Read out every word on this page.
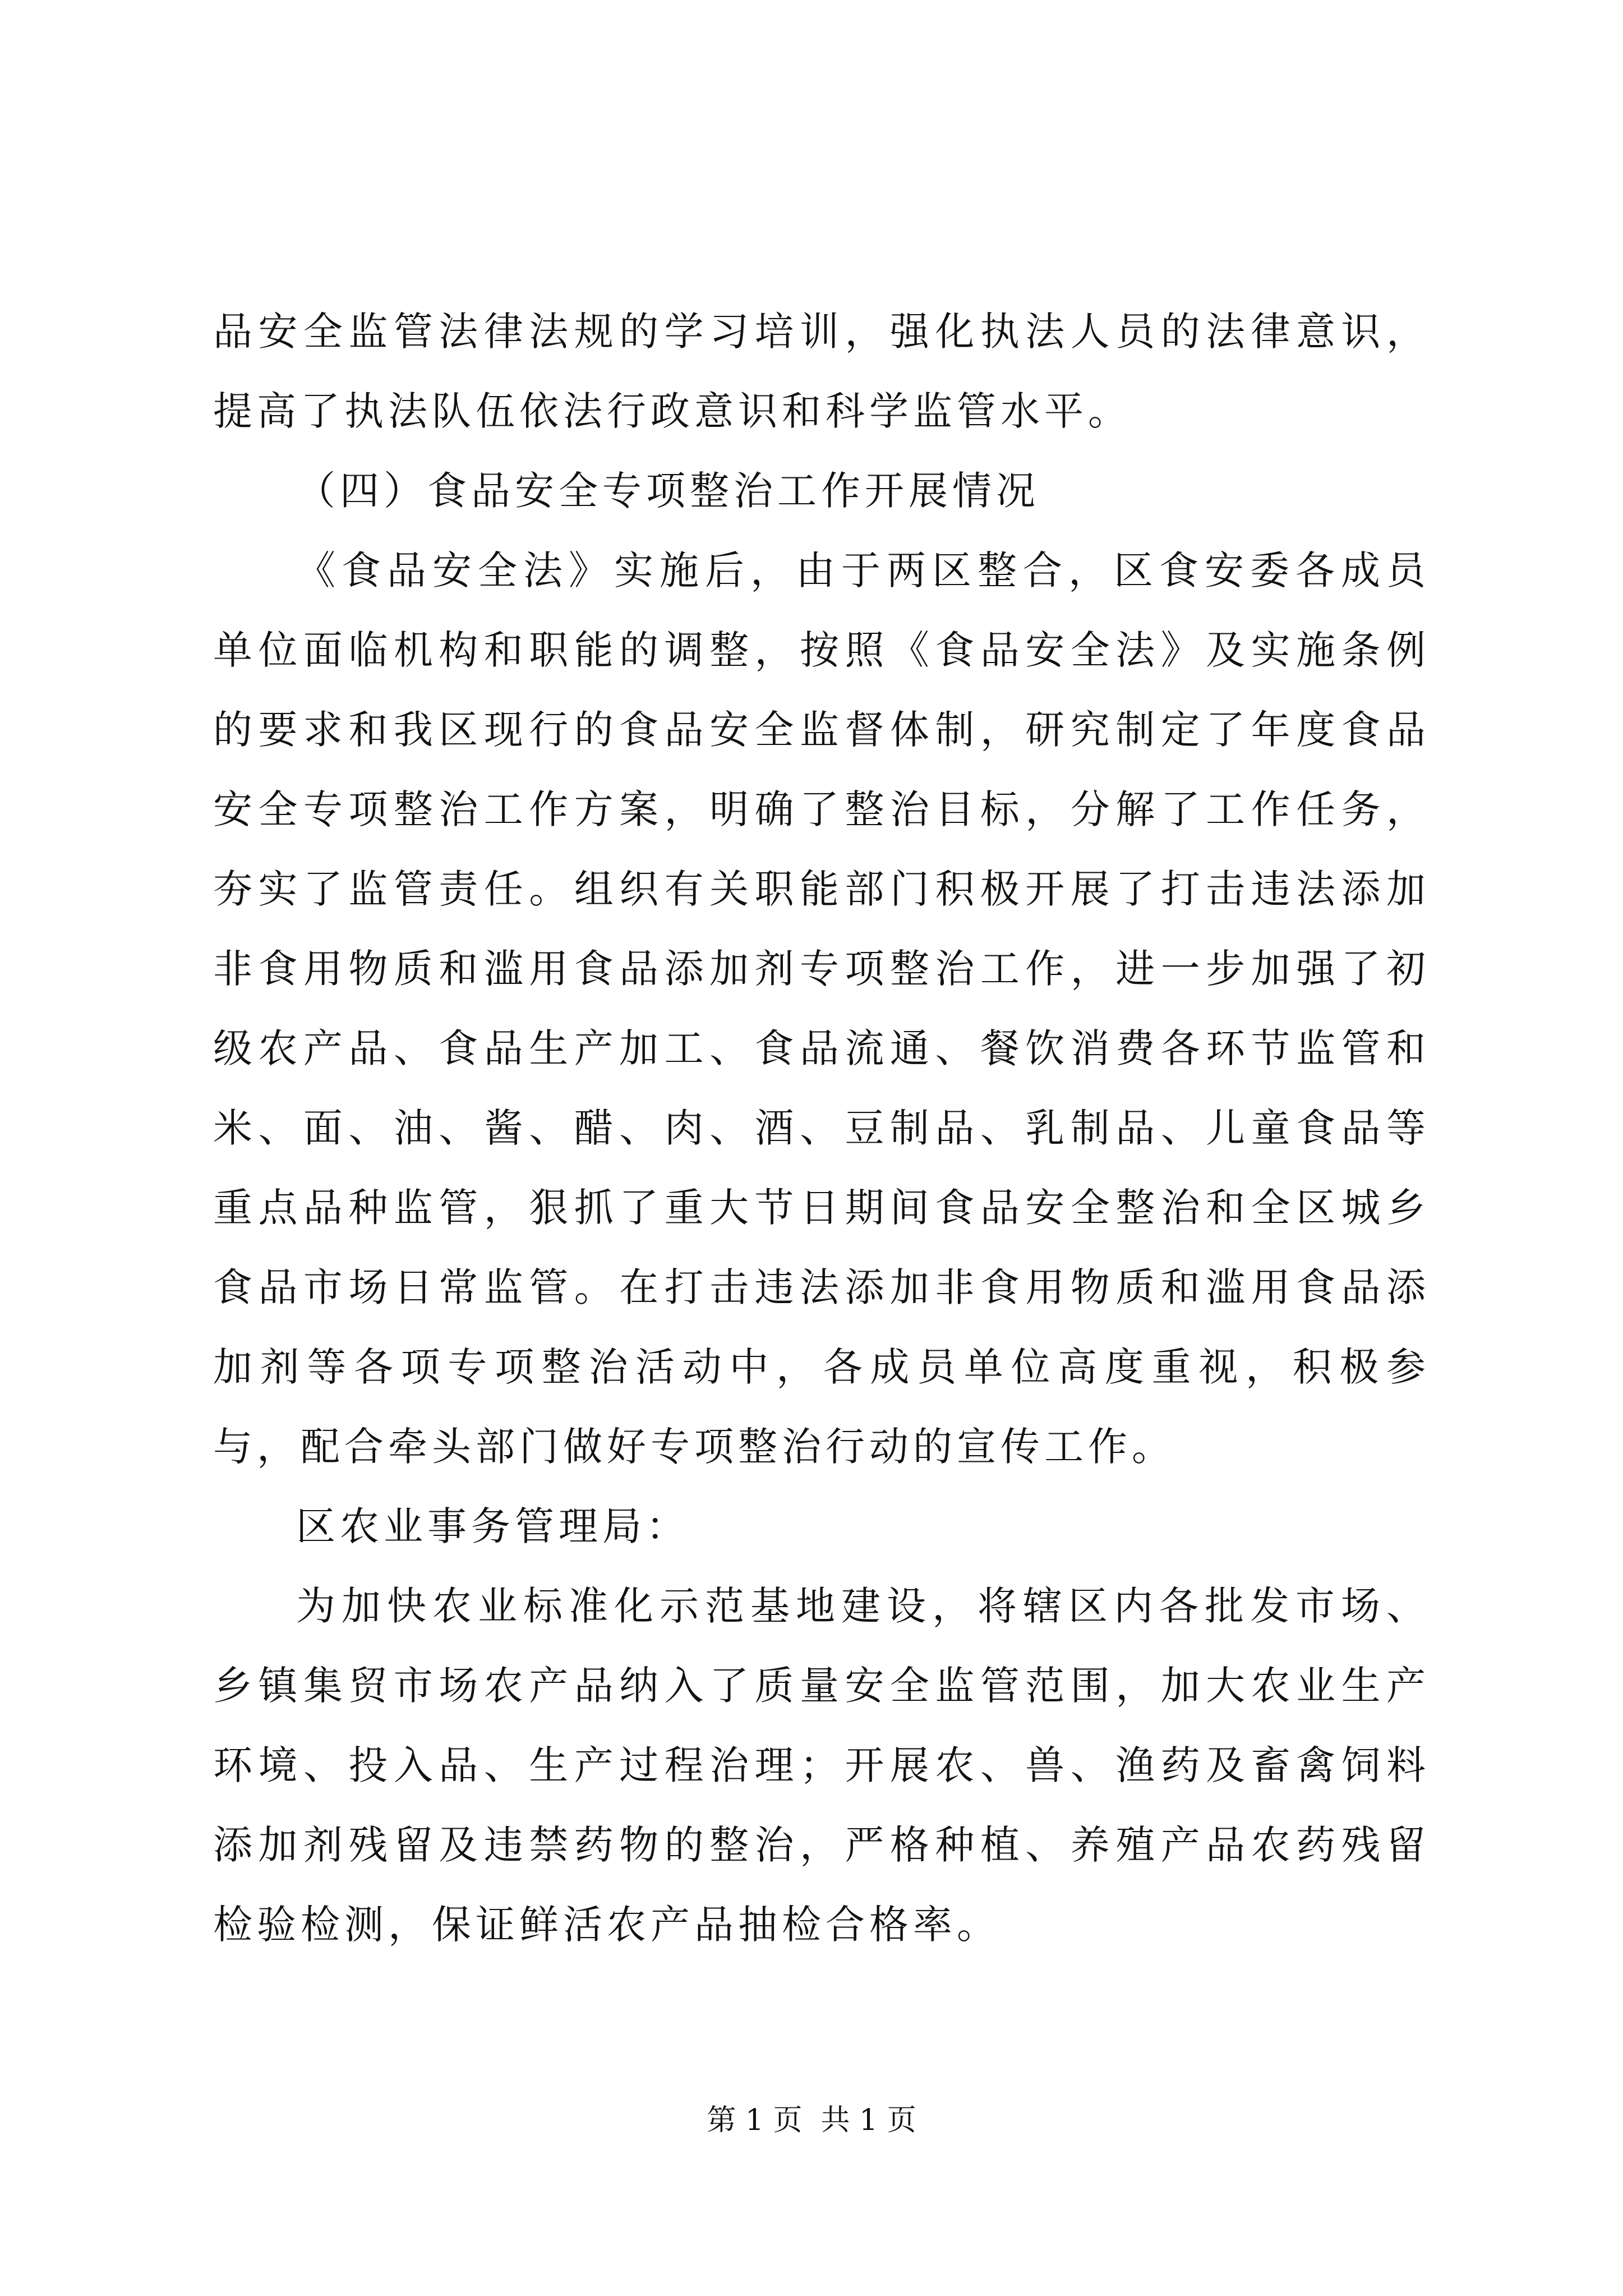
品安全监管法律法规的学习培训，强化执法人员的法律意识，提高了执法队伍依法行政意识和科学监管水平。

（四）食品安全专项整治工作开展情况

《食品安全法》实施后，由于两区整合，区食安委各成员单位面临机构和职能的调整，按照《食品安全法》及实施条例的要求和我区现行的食品安全监督体制，研究制定了年度食品安全专项整治工作方案，明确了整治目标，分解了工作任务，夯实了监管责任。组织有关职能部门积极开展了打击违法添加非食用物质和滥用食品添加剂专项整治工作，进一步加强了初级农产品、食品生产加工、食品流通、餐饮消费各环节监管和米、面、油、酱、醋、肉、酒、豆制品、乳制品、儿童食品等重点品种监管，狠抓了重大节日期间食品安全整治和全区城乡食品市场日常监管。在打击违法添加非食用物质和滥用食品添加剂等各项专项整治活动中，各成员单位高度重视，积极参与，配合牵头部门做好专项整治行动的宣传工作。

区农业事务管理局：

为加快农业标准化示范基地建设，将辖区内各批发市场、乡镇集贸市场农产品纳入了质量安全监管范围，加大农业生产环境、投入品、生产过程治理；开展农、兽、渔药及畜禽饲料添加剂残留及违禁药物的整治，严格种植、养殖产品农药残留检验检测，保证鲜活农产品抽检合格率。

第 1 页  共 1 页
